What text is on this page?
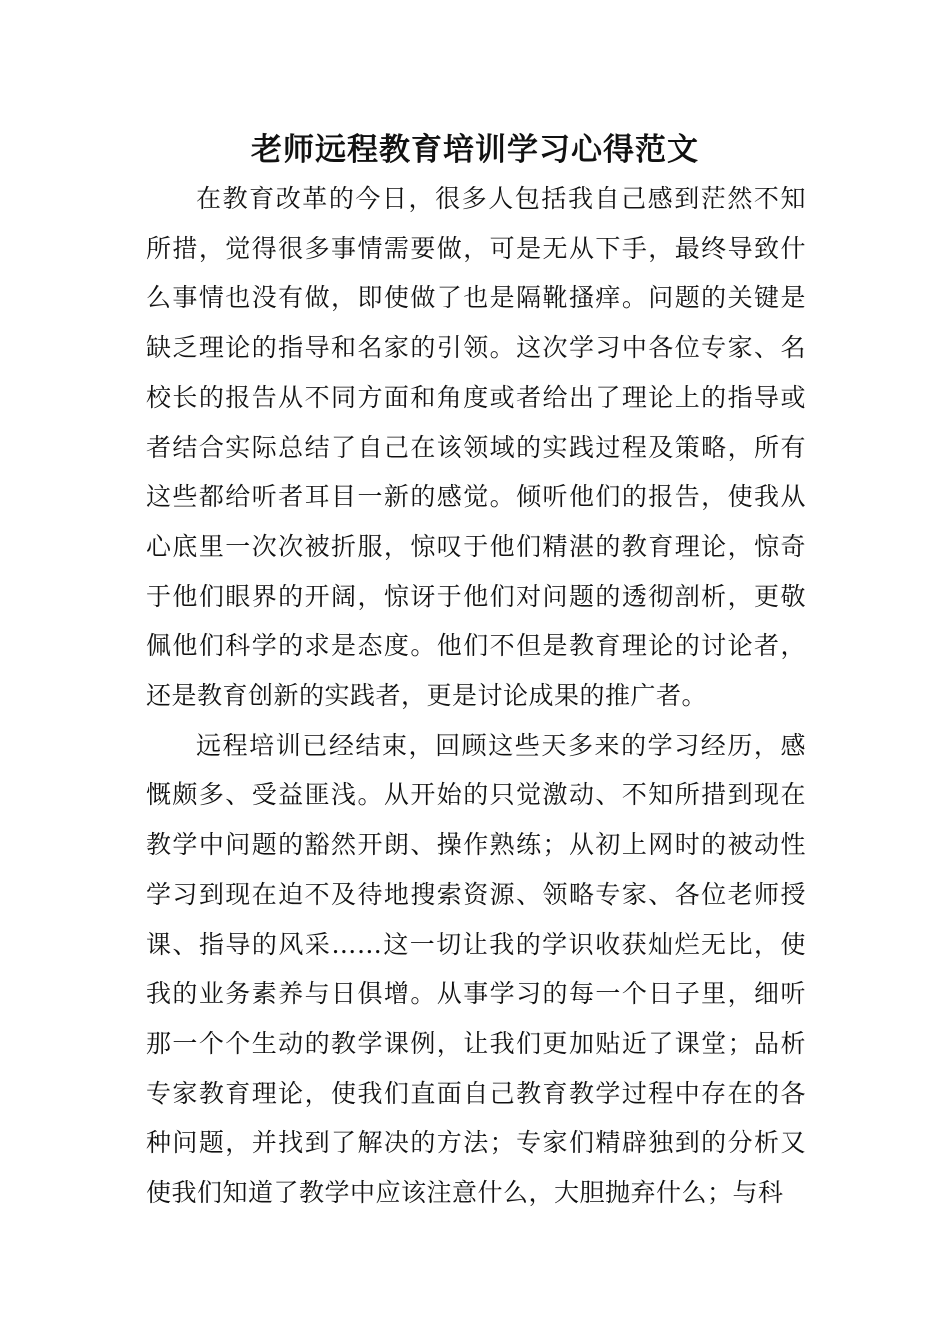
老师远程教育培训学习心得范文

在教育改革的今日，很多人包括我自己感到茫然不知所措，觉得很多事情需要做，可是无从下手，最终导致什么事情也没有做，即使做了也是隔靴搔痒。问题的关键是缺乏理论的指导和名家的引领。这次学习中各位专家、名校长的报告从不同方面和角度或者给出了理论上的指导或者结合实际总结了自己在该领域的实践过程及策略，所有这些都给听者耳目一新的感觉。倾听他们的报告，使我从心底里一次次被折服，惊叹于他们精湛的教育理论，惊奇于他们眼界的开阔，惊讶于他们对问题的透彻剖析，更敬佩他们科学的求是态度。他们不但是教育理论的讨论者，还是教育创新的实践者，更是讨论成果的推广者。

远程培训已经结束，回顾这些天多来的学习经历，感慨颇多、受益匪浅。从开始的只觉激动、不知所措到现在教学中问题的豁然开朗、操作熟练；从初上网时的被动性学习到现在迫不及待地搜索资源、领略专家、各位老师授课、指导的风采……这一切让我的学识收获灿烂无比，使我的业务素养与日俱增。从事学习的每一个日子里，细听那一个个生动的教学课例，让我们更加贴近了课堂；品析专家教育理论，使我们直面自己教育教学过程中存在的各种问题，并找到了解决的方法；专家们精辟独到的分析又使我们知道了教学中应该注意什么，大胆抛弃什么；与科
